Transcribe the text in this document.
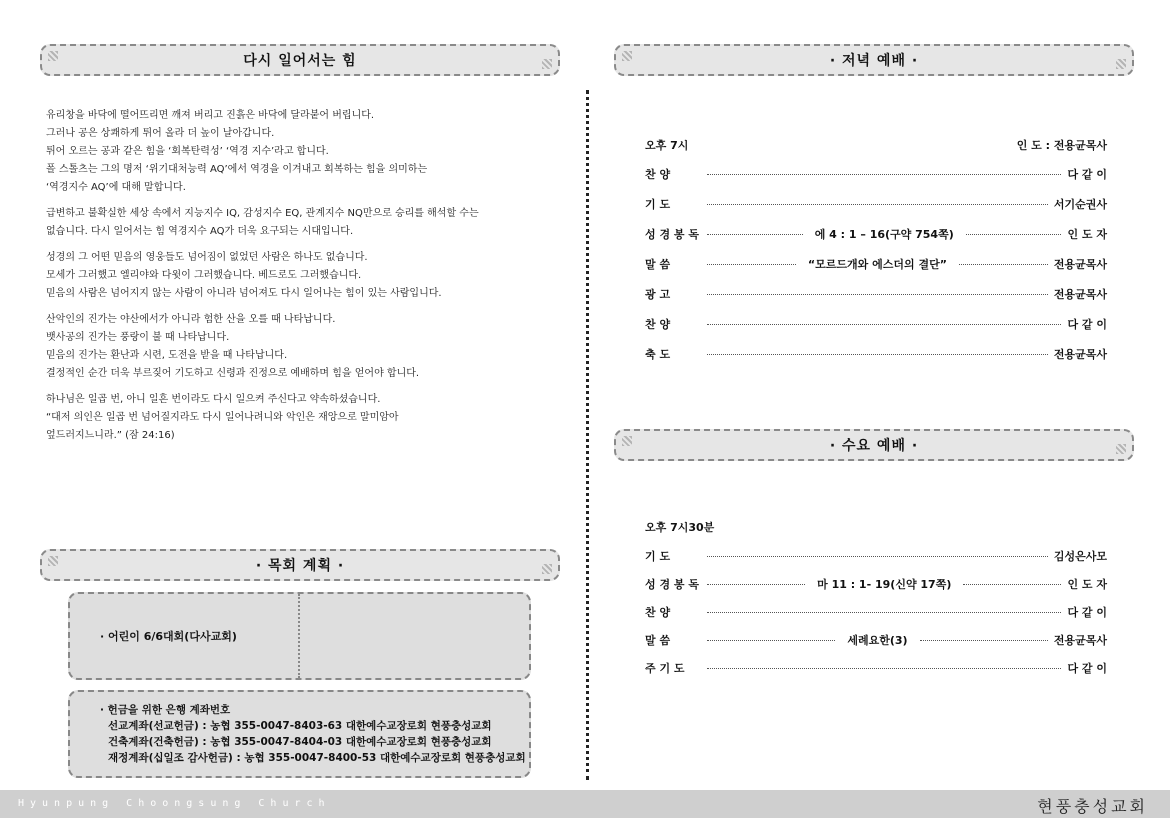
다시 일어서는 힘

유리창을 바닥에 떨어뜨리면 깨져 버리고 진흙은 바닥에 달라붙어 버립니다.
그러나 공은 상쾌하게 튀어 올라 더 높이 날아갑니다.
튀어 오르는 공과 같은 힘을 ‘회복탄력성’ ‘역경 지수’라고 합니다.
폴 스톨츠는 그의 명저 ‘위기대처능력 AQ’에서 역경을 이겨내고 회복하는 힘을 의미하는
‘역경지수 AQ’에 대해 말합니다.

급변하고 불확실한 세상 속에서 지능지수 IQ, 감성지수 EQ, 관계지수 NQ만으로 승리를 해석할 수는
없습니다. 다시 일어서는 힘 역경지수 AQ가 더욱 요구되는 시대입니다.

성경의 그 어떤 믿음의 영웅들도 넘어짐이 없었던 사람은 하나도 없습니다.
모세가 그러했고 엘리야와 다윗이 그러했습니다. 베드로도 그러했습니다.
믿음의 사람은 넘어지지 않는 사람이 아니라 넘어져도 다시 일어나는 힘이 있는 사람입니다.

산악인의 진가는 야산에서가 아니라 험한 산을 오를 때 나타납니다.
뱃사공의 진가는 풍랑이 불 때 나타납니다.
믿음의 진가는 환난과 시련, 도전을 받을 때 나타납니다.
결정적인 순간 더욱 부르짖어 기도하고 신령과 진정으로 예배하며 힘을 얻어야 합니다.

하나님은 일곱 번, 아니 일흔 번이라도 다시 일으켜 주신다고 약속하셨습니다.
“대저 의인은 일곱 번 넘어질지라도 다시 일어나려니와 악인은 재앙으로 말미암아
엎드러지느니라.” (잠 24:16)

· 목회 계획 ·
· 어린이 6/6대회(다사교회)
· 헌금을 위한 은행 계좌번호
선교계좌(선교헌금) : 농협 355-0047-8403-63 대한예수교장로회 현풍충성교회
건축계좌(건축헌금) : 농협 355-0047-8404-03 대한예수교장로회 현풍충성교회
재정계좌(십일조 감사헌금) : 농협 355-0047-8400-53 대한예수교장로회 현풍충성교회
· 저녁 예배 ·
오후 7시	인 도 : 전용균목사
찬 양	다 같 이
기 도	서기순권사
성 경 봉 독	에 4 : 1 – 16(구약 754쪽)	인 도 자
말 씀	“모르드개와 에스더의 결단”	전용균목사
광 고	전용균목사
찬 양	다 같 이
축 도	전용균목사
· 수요 예배 ·
오후 7시30분
기 도	김성은사모
성 경 봉 독	마 11 : 1- 19(신약 17쪽)	인 도 자
찬 양	다 같 이
말 씀	세례요한(3)	전용균목사
주 기 도	다 같 이
Hyunpung Choongsung Church	현풍충성교회
